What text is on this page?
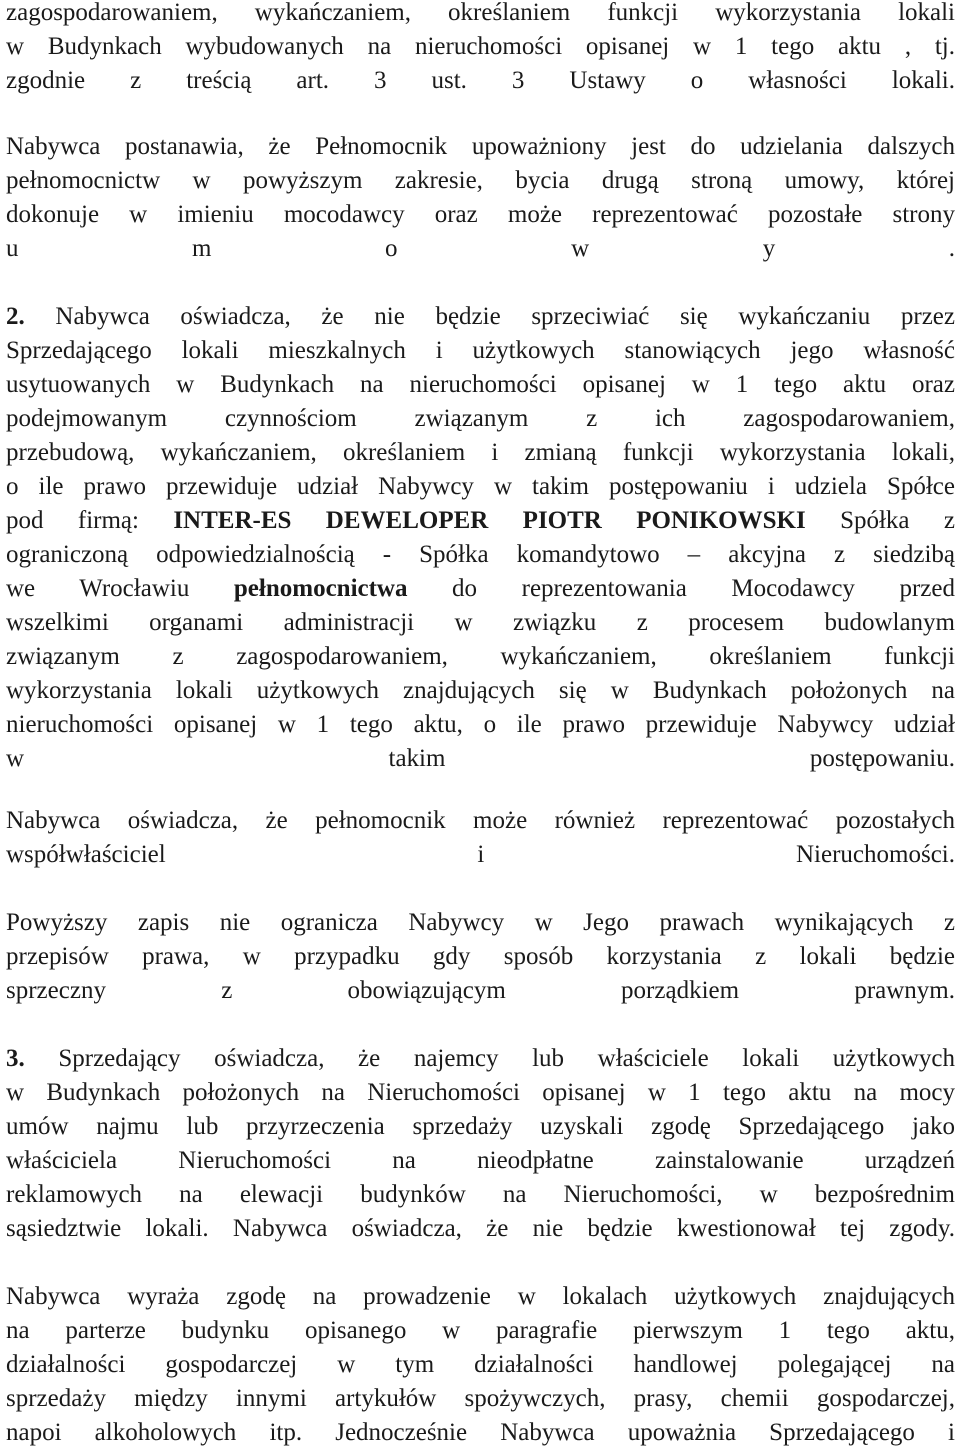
zagospodarowaniem, wykańczaniem, określaniem funkcji wykorzystania lokali
w Budynkach wybudowanych na nieruchomości opisanej w 1 tego aktu , tj.
zgodnie z treścią art. 3 ust. 3 Ustawy o własności lokali.
Nabywca postanawia, że Pełnomocnik upoważniony jest do udzielania dalszych
pełnomocnictw w powyższym zakresie, bycia drugą stroną umowy, której
dokonuje w imieniu mocodawcy oraz może reprezentować pozostałe strony
u m o w y .
2. Nabywca oświadcza, że nie będzie sprzeciwiać się wykańczaniu przez
Sprzedającego lokali mieszkalnych i użytkowych stanowiących jego własność
usytuowanych w Budynkach na nieruchomości opisanej w 1 tego aktu oraz
podejmowanym czynnościom związanym z ich zagospodarowaniem,
przebudową, wykańczaniem, określaniem i zmianą funkcji wykorzystania lokali,
o ile prawo przewiduje udział Nabywcy w takim postępowaniu i udziela Spółce
pod firmą: INTER-ES DEWELOPER PIOTR PONIKOWSKI Spółka z
ograniczoną odpowiedzialnością - Spółka komandytowo – akcyjna z siedzibą
we Wrocławiu pełnomocnictwa do reprezentowania Mocodawcy przed
wszelkimi organami administracji w związku z procesem budowlanym
związanym z zagospodarowaniem, wykańczaniem, określaniem funkcji
wykorzystania lokali użytkowych znajdujących się w Budynkach położonych na
nieruchomości opisanej w 1 tego aktu, o ile prawo przewiduje Nabywcy udział
w takim postępowaniu.
Nabywca oświadcza, że pełnomocnik może również reprezentować pozostałych
współwłaściciel i Nieruchomości.
Powyższy zapis nie ogranicza Nabywcy w Jego prawach wynikających z
przepisów prawa, w przypadku gdy sposób korzystania z lokali będzie
sprzeczny z obowiązującym porządkiem prawnym.
3. Sprzedający oświadcza, że najemcy lub właściciele lokali użytkowych
w Budynkach położonych na Nieruchomości opisanej w 1 tego aktu na mocy
umów najmu lub przyrzeczenia sprzedaży uzyskali zgodę Sprzedającego jako
właściciela Nieruchomości na nieodpłatne zainstalowanie urządzeń
reklamowych na elewacji budynków na Nieruchomości, w bezpośrednim
sąsiedztwie lokali. Nabywca oświadcza, że nie będzie kwestionował tej zgody.
Nabywca wyraża zgodę na prowadzenie w lokalach użytkowych znajdujących
na parterze budynku opisanego w paragrafie pierwszym 1 tego aktu,
działalności gospodarczej w tym działalności handlowej polegającej na
sprzedaży między innymi artykułów spożywczych, prasy, chemii gospodarczej,
napoi alkoholowych itp. Jednocześnie Nabywca upoważnia Sprzedającego i
